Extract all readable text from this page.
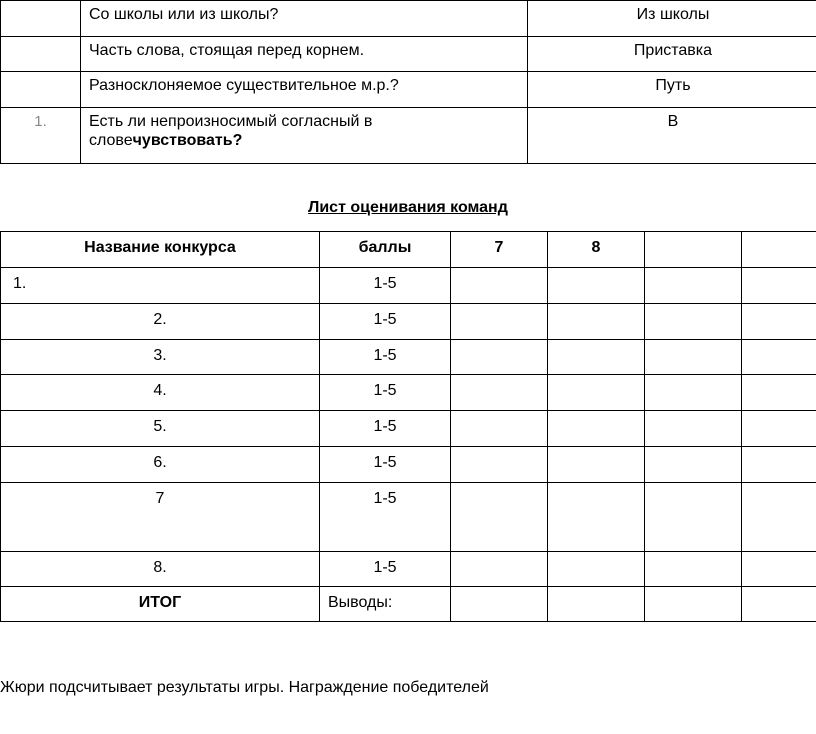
	Со школы или из школы?	Из школы
	Часть слова, стоящая перед корнем.	Приставка
	Разносклоняемое существительное м.р.?	Путь
1.	Есть ли непроизносимый согласный в словечувствовать?	В
Лист оценивания команд
Название конкурса	баллы	7	8		
1.	1-5				
2.	1-5				
3.	1-5				
4.	1-5				
5.	1-5				
6.	1-5				
7	1-5				
8.	1-5				
ИТОГ	Выводы:				
Жюри подсчитывает результаты игры. Награждение победителей
